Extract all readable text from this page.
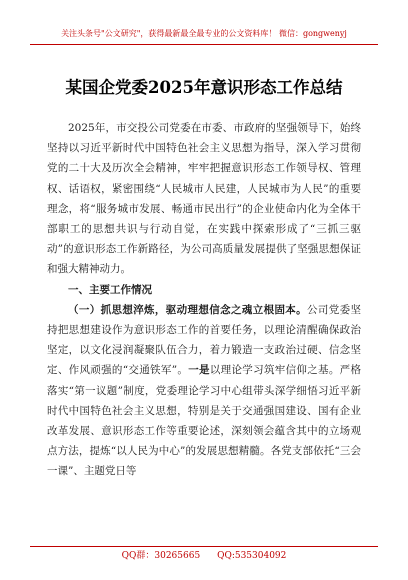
关注头条号"公文研究"，获得最新最全最专业的公文资料库！ 微信：gongwenyj
某国企党委2025年意识形态工作总结

2025年，市交投公司党委在市委、市政府的坚强领导下，始终坚持以习近平新时代中国特色社会主义思想为指导，深入学习贯彻党的二十大及历次全会精神，牢牢把握意识形态工作领导权、管理权、话语权，紧密围绕“人民城市人民建，人民城市为人民”的重要理念，将“服务城市发展、畅通市民出行”的企业使命内化为全体干部职工的思想共识与行动自觉，在实践中探索形成了“三抓三驱动”的意识形态工作新路径，为公司高质量发展提供了坚强思想保证和强大精神动力。

一、主要工作情况

（一）抓思想淬炼，驱动理想信念之魂立根固本。公司党委坚持把思想建设作为意识形态工作的首要任务，以理论清醒确保政治坚定，以文化浸润凝聚队伍合力，着力锻造一支政治过硬、信念坚定、作风顽强的“交通铁军”。一是以理论学习筑牢信仰之基。严格落实“第一议题”制度，党委理论学习中心组带头深学细悟习近平新时代中国特色社会主义思想，特别是关于交通强国建设、国有企业改革发展、意识形态工作等重要论述，深刻领会蕴含其中的立场观点方法，提炼“以人民为中心”的发展思想精髓。各党支部依托“三会一课”、主题党日等

QQ群：30265665 QQ:535304092
